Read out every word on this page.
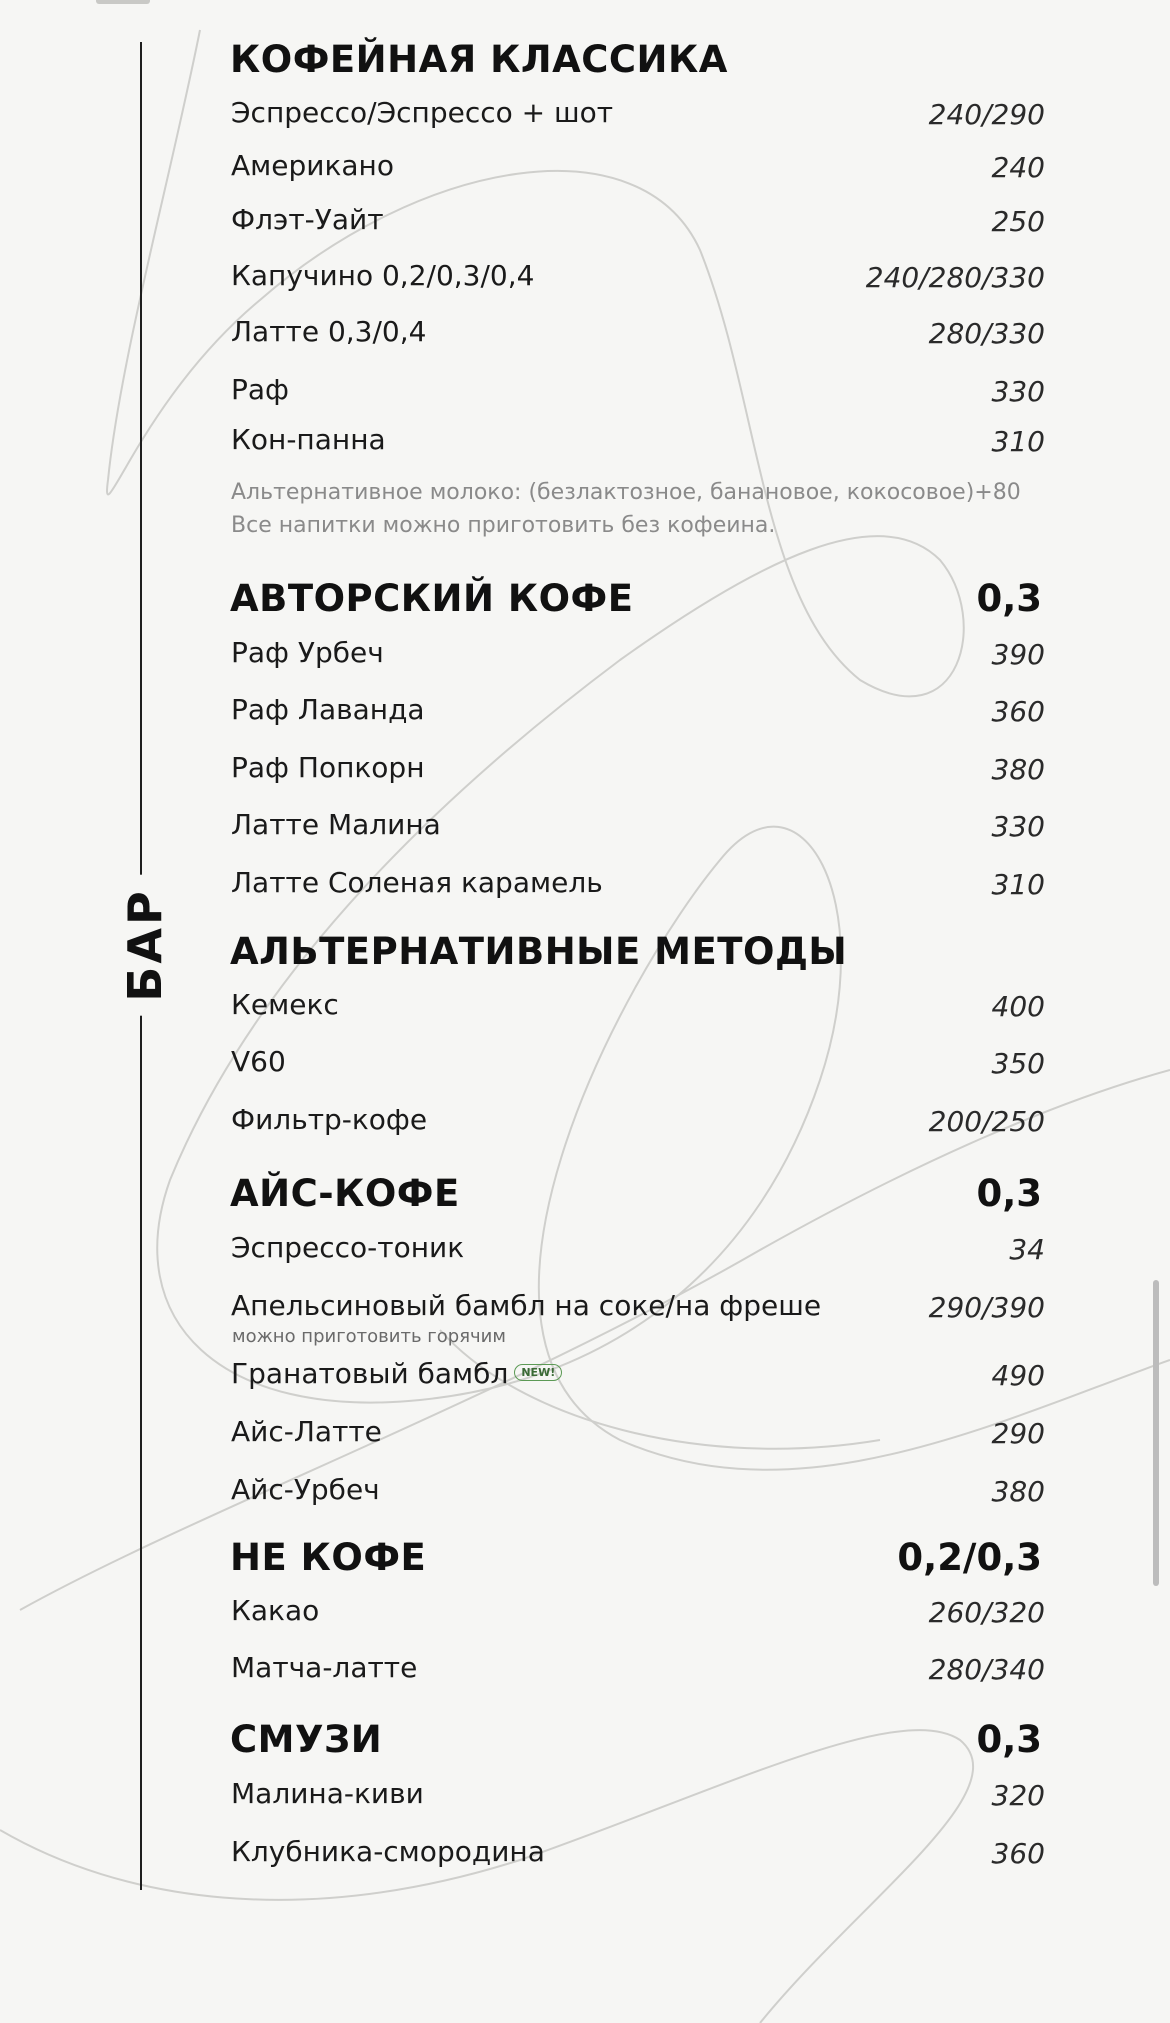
БАР
КОФЕЙНАЯ КЛАССИКА
Эспрессо/Эспрессо + шот	240/290
Американо	240
Флэт-Уайт	250
Капучино 0,2/0,3/0,4	240/280/330
Латте 0,3/0,4	280/330
Раф	330
Кон-панна	310
Альтернативное молоко: (безлактозное, банановое, кокосовое)+80
Все напитки можно приготовить без кофеина.
АВТОРСКИЙ КОФЕ	0,3
Раф Урбеч	390
Раф Лаванда	360
Раф Попкорн	380
Латте Малина	330
Латте Соленая карамель	310
АЛЬТЕРНАТИВНЫЕ МЕТОДЫ
Кемекс	400
V60	350
Фильтр-кофе	200/250
АЙС-КОФЕ	0,3
Эспрессо-тоник	34
Апельсиновый бамбл на соке/на фреше	290/390
можно приготовить горячим
Гранатовый бамбл NEW!	490
Айс-Латте	290
Айс-Урбеч	380
НЕ КОФЕ	0,2/0,3
Какао	260/320
Матча-латте	280/340
СМУЗИ	0,3
Малина-киви	320
Клубника-смородина	360
